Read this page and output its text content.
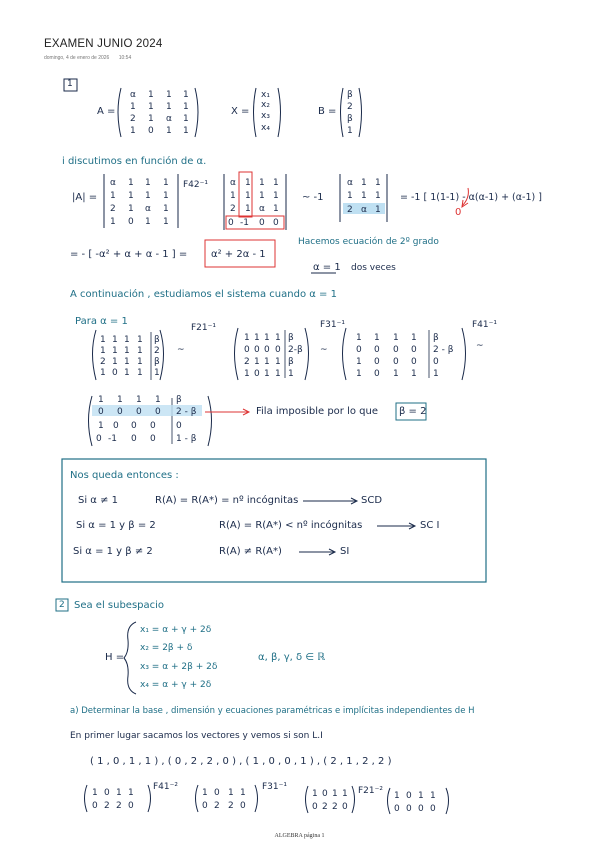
EXAMEN JUNIO 2024
domingo, 4 de enero de 2026 10:54
α 1 1 1
1 1 1 1
2 1 α 1
1 0 1 1
x₁
x₂
x₃
x₄
β
2
β
1
α 1 1 1
1 1 1 1
2 1 α 1
1 0 1 1
α 1 1 1
1 1 1 1
2 1 α 1
0 -1 0 0
α 1 1
1 1 1
2 α 1
1 1 1 1 β
1 1 1 1 2
2 1 1 1 β
1 0 1 1 1
~
1 1 1 1 β
0 0 0 0 2-β
2 1 1 1 β
1 0 1 1 1
~
1 1 1 1 β
0 0 0 0 2 - β
1 0 0 0 0
1 0 1 1 1
~
1 1 1 1 β
0 0 0 0 2 - β
1 0 0 0 0
0 -1 0 0 1 - β
1 0 1 1
0 2 2 0
1 0 1 1
0 2 2 0
1 0 1 1
0 2 2 0
1 0 1 1
0 0 0 0
1
A =	X =	B =
i discutimos en función de α.
|A| =
F42⁻¹
~ -1	= -1 [ 1(1-1) - α(α-1) + (α-1) ]
0
= - [ -α² + α + α - 1 ] = α² + 2α - 1
Hacemos ecuación de 2º grado
α = 1 dos veces
A continuación , estudiamos el sistema cuando α = 1
Para α = 1
F21⁻¹	F31⁻¹	F41⁻¹
Fila imposible por lo que β = 2
Nos queda entonces :
Si α ≠ 1	R(A) = R(A*) = nº incógnitas	SCD
Si α = 1 y β = 2	R(A) = R(A*) < nº incógnitas	SC I
Si α = 1 y β ≠ 2	R(A) ≠ R(A*)	SI
2 Sea el subespacio
H =
x₁ = α + γ + 2δ
x₂ = 2β + δ
x₃ = α + 2β + 2δ
x₄ = α + γ + 2δ
α, β, γ, δ ∈ ℝ
a) Determinar la base , dimensión y ecuaciones paramétricas e implícitas independientes de H
En primer lugar sacamos los vectores y vemos si son L.I
( 1 , 0 , 1 , 1 ) , ( 0 , 2 , 2 , 0 ) , ( 1 , 0 , 0 , 1 ) , ( 2 , 1 , 2 , 2 )
F41⁻²	F31⁻¹	F21⁻²
ALGEBRA página 1
